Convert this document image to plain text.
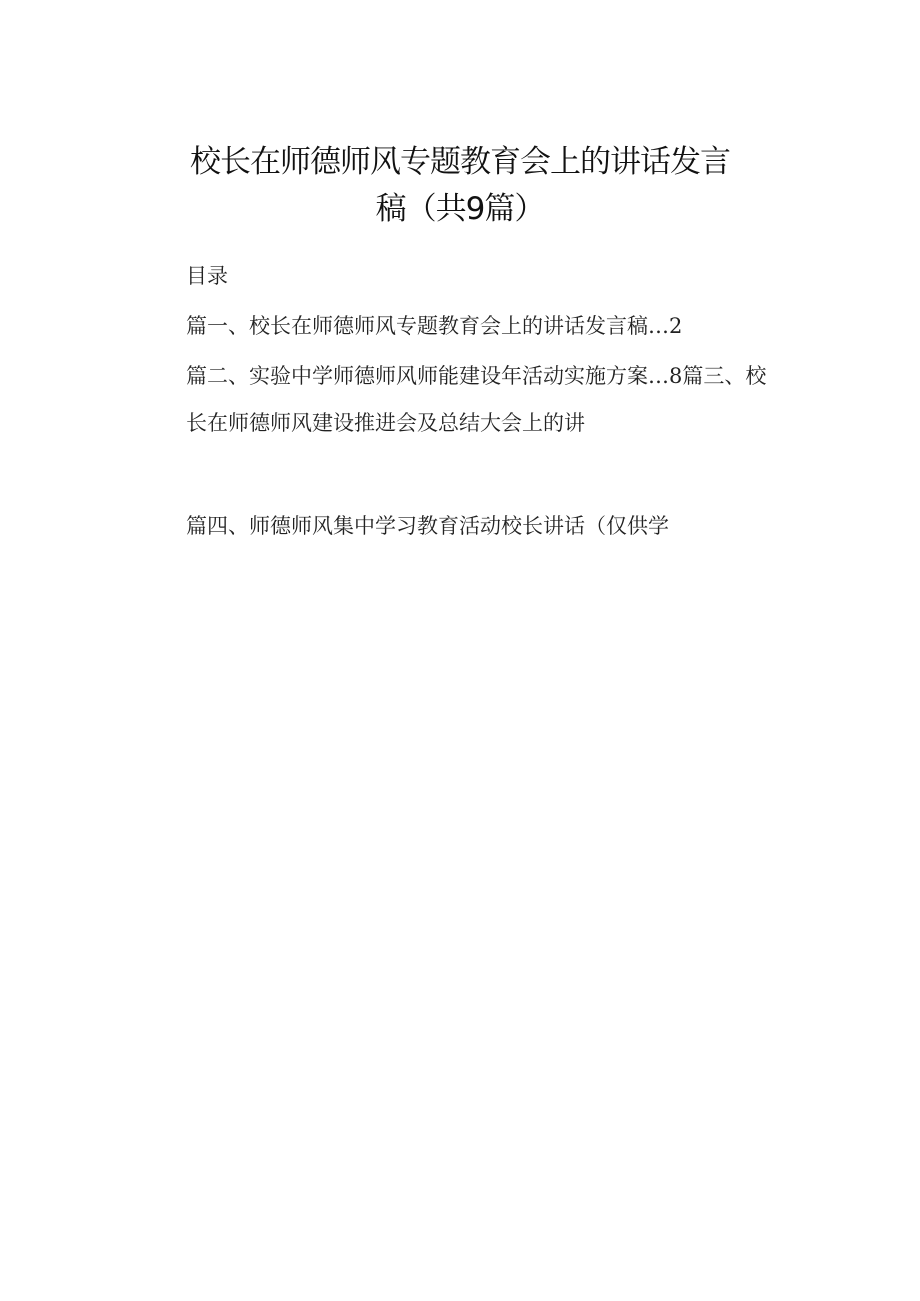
校长在师德师风专题教育会上的讲话发言
稿（共9篇）
目录
篇一、校长在师德师风专题教育会上的讲话发言稿…2
篇二、实验中学师德师风师能建设年活动实施方案…8篇三、校
长在师德师风建设推进会及总结大会上的讲
篇四、师德师风集中学习教育活动校长讲话（仅供学
